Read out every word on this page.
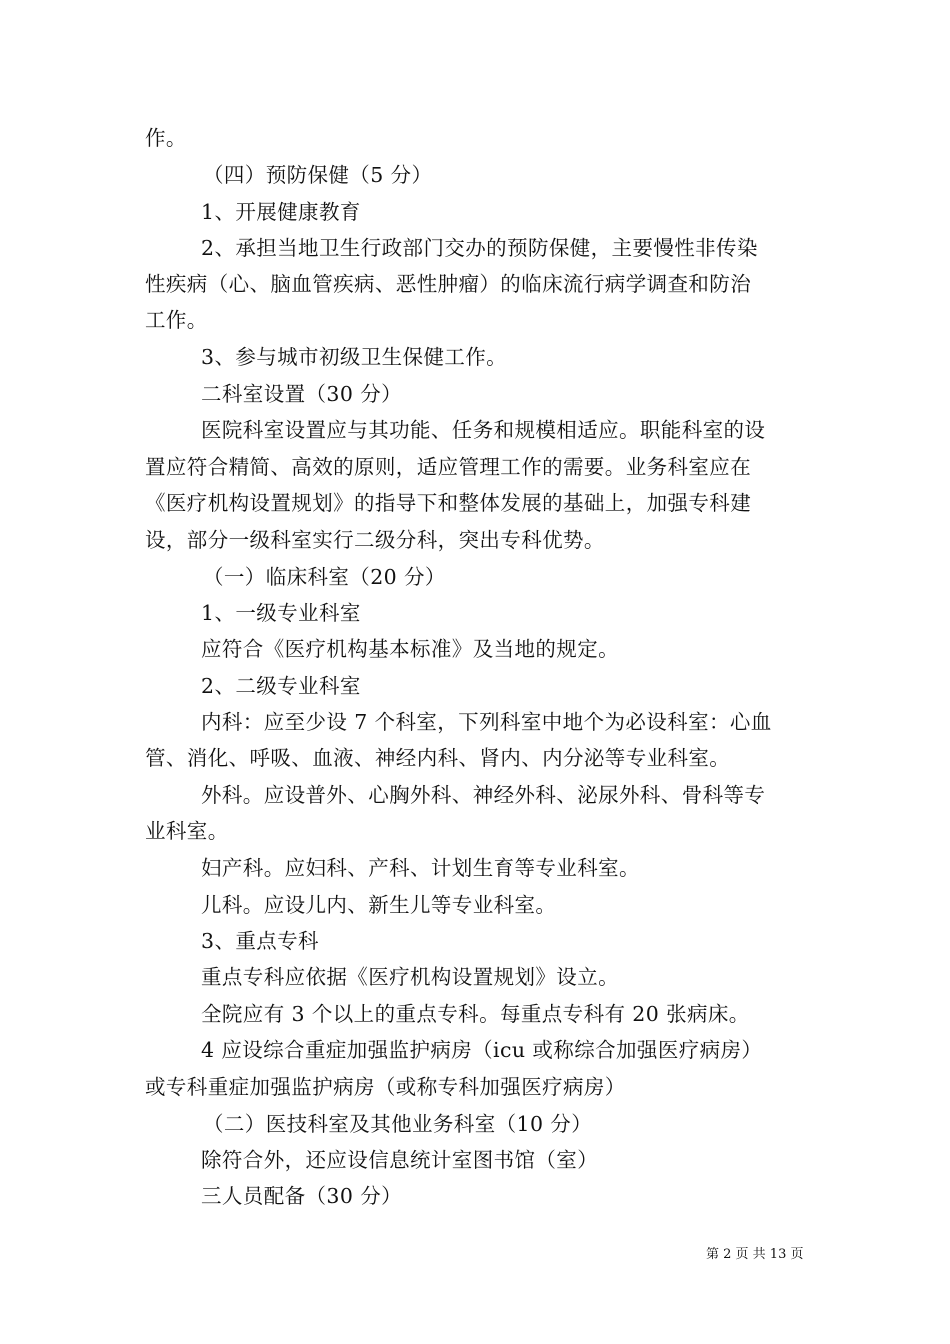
作。
（四）预防保健（5 分）
1、开展健康教育
2、承担当地卫生行政部门交办的预防保健，主要慢性非传染
性疾病（心、脑血管疾病、恶性肿瘤）的临床流行病学调查和防治
工作。
3、参与城市初级卫生保健工作。
二科室设置（30 分）
医院科室设置应与其功能、任务和规模相适应。职能科室的设
置应符合精简、高效的原则，适应管理工作的需要。业务科室应在
《医疗机构设置规划》的指导下和整体发展的基础上，加强专科建
设，部分一级科室实行二级分科，突出专科优势。
（一）临床科室（20 分）
1、一级专业科室
应符合《医疗机构基本标准》及当地的规定。
2、二级专业科室
内科：应至少设 7 个科室，下列科室中地个为必设科室：心血
管、消化、呼吸、血液、神经内科、肾内、内分泌等专业科室。
外科。应设普外、心胸外科、神经外科、泌尿外科、骨科等专
业科室。
妇产科。应妇科、产科、计划生育等专业科室。
儿科。应设儿内、新生儿等专业科室。
3、重点专科
重点专科应依据《医疗机构设置规划》设立。
全院应有 3 个以上的重点专科。每重点专科有 20 张病床。
4 应设综合重症加强监护病房（icu 或称综合加强医疗病房）
或专科重症加强监护病房（或称专科加强医疗病房）
（二）医技科室及其他业务科室（10 分）
除符合外，还应设信息统计室图书馆（室）
三人员配备（30 分）
第 2 页 共 13 页
